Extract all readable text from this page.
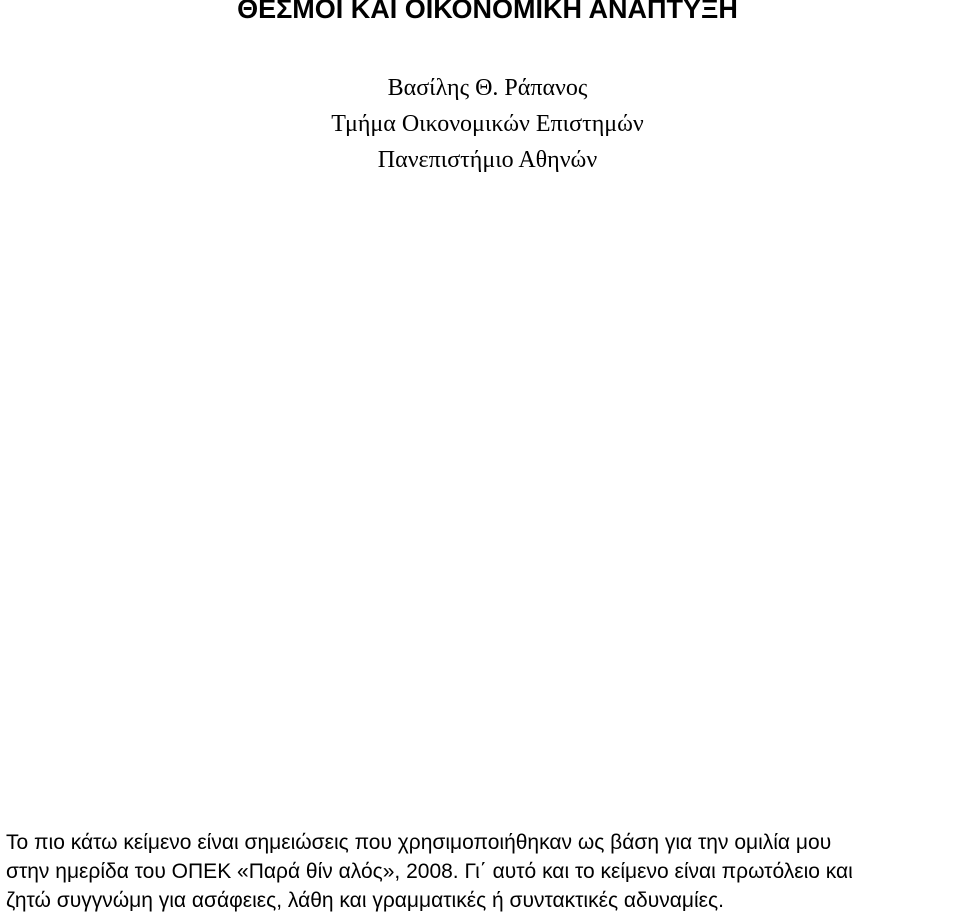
ΘΕΣΜΟΙ ΚΑΙ ΟΙΚΟΝΟΜΙΚΗ ΑΝΑΠΤΥΞΗ
Βασίλης Θ. Ράπανος
Τμήμα Οικονομικών Επιστημών
Πανεπιστήμιο Αθηνών
Το πιο κάτω κείμενο είναι σημειώσεις που χρησιμοποιήθηκαν ως βάση για την ομιλία μου
στην ημερίδα του ΟΠΕΚ «Παρά θίν αλός», 2008. Γι΄ αυτό και το κείμενο είναι πρωτόλειο και
ζητώ συγγνώμη για ασάφειες, λάθη και γραμματικές ή συντακτικές αδυναμίες.
